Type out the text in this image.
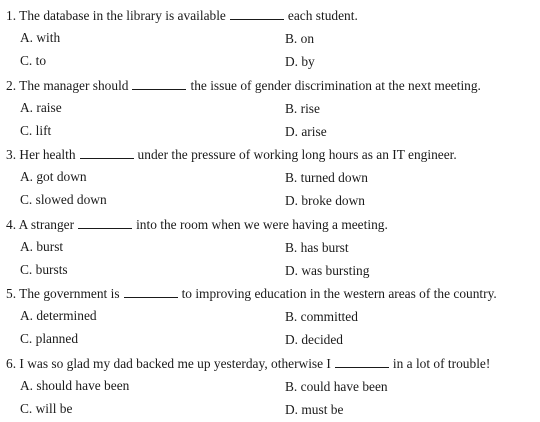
1. The database in the library is available	each student.
A. with	B. on
C. to	D. by
2. The manager should	the issue of gender discrimination at the next meeting.
A. raise	B. rise
C. lift	D. arise
3. Her health	under the pressure of working long hours as an IT engineer.
A. got down	B. turned down
C. slowed down	D. broke down
4. A stranger	into the room when we were having a meeting.
A. burst	B. has burst
C. bursts	D. was bursting
5. The government is	to improving education in the western areas of the country.
A. determined	B. committed
C. planned	D. decided
6. I was so glad my dad backed me up yesterday, otherwise I	in a lot of trouble!
A. should have been	B. could have been
C. will be	D. must be
